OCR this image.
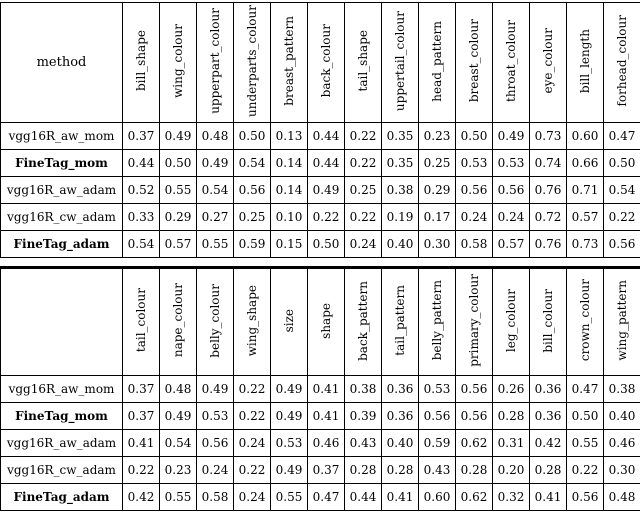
method	bill_shape	wing_colour	upperpart_colour	underparts_colour	breast_pattern	back_colour	tail_shape	uppertail_colour	head_pattern	breast_colour	throat_colour	eye_colour	bill_length	forhead_colour
vgg16R_aw_mom	0.37	0.49	0.48	0.50	0.13	0.44	0.22	0.35	0.23	0.50	0.49	0.73	0.60	0.47
FineTag_mom	0.44	0.50	0.49	0.54	0.14	0.44	0.22	0.35	0.25	0.53	0.53	0.74	0.66	0.50
vgg16R_aw_adam	0.52	0.55	0.54	0.56	0.14	0.49	0.25	0.38	0.29	0.56	0.56	0.76	0.71	0.54
vgg16R_cw_adam	0.33	0.29	0.27	0.25	0.10	0.22	0.22	0.19	0.17	0.24	0.24	0.72	0.57	0.22
FineTag_adam	0.54	0.57	0.55	0.59	0.15	0.50	0.24	0.40	0.30	0.58	0.57	0.76	0.73	0.56
	tail_colour	nape_colour	belly_colour	wing_shape	size	shape	back_pattern	tail_pattern	belly_pattern	primary_colour	leg_colour	bill_colour	crown_colour	wing_pattern
vgg16R_aw_mom	0.37	0.48	0.49	0.22	0.49	0.41	0.38	0.36	0.53	0.56	0.26	0.36	0.47	0.38
FineTag_mom	0.37	0.49	0.53	0.22	0.49	0.41	0.39	0.36	0.56	0.56	0.28	0.36	0.50	0.40
vgg16R_aw_adam	0.41	0.54	0.56	0.24	0.53	0.46	0.43	0.40	0.59	0.62	0.31	0.42	0.55	0.46
vgg16R_cw_adam	0.22	0.23	0.24	0.22	0.49	0.37	0.28	0.28	0.43	0.28	0.20	0.28	0.22	0.30
FineTag_adam	0.42	0.55	0.58	0.24	0.55	0.47	0.44	0.41	0.60	0.62	0.32	0.41	0.56	0.48
